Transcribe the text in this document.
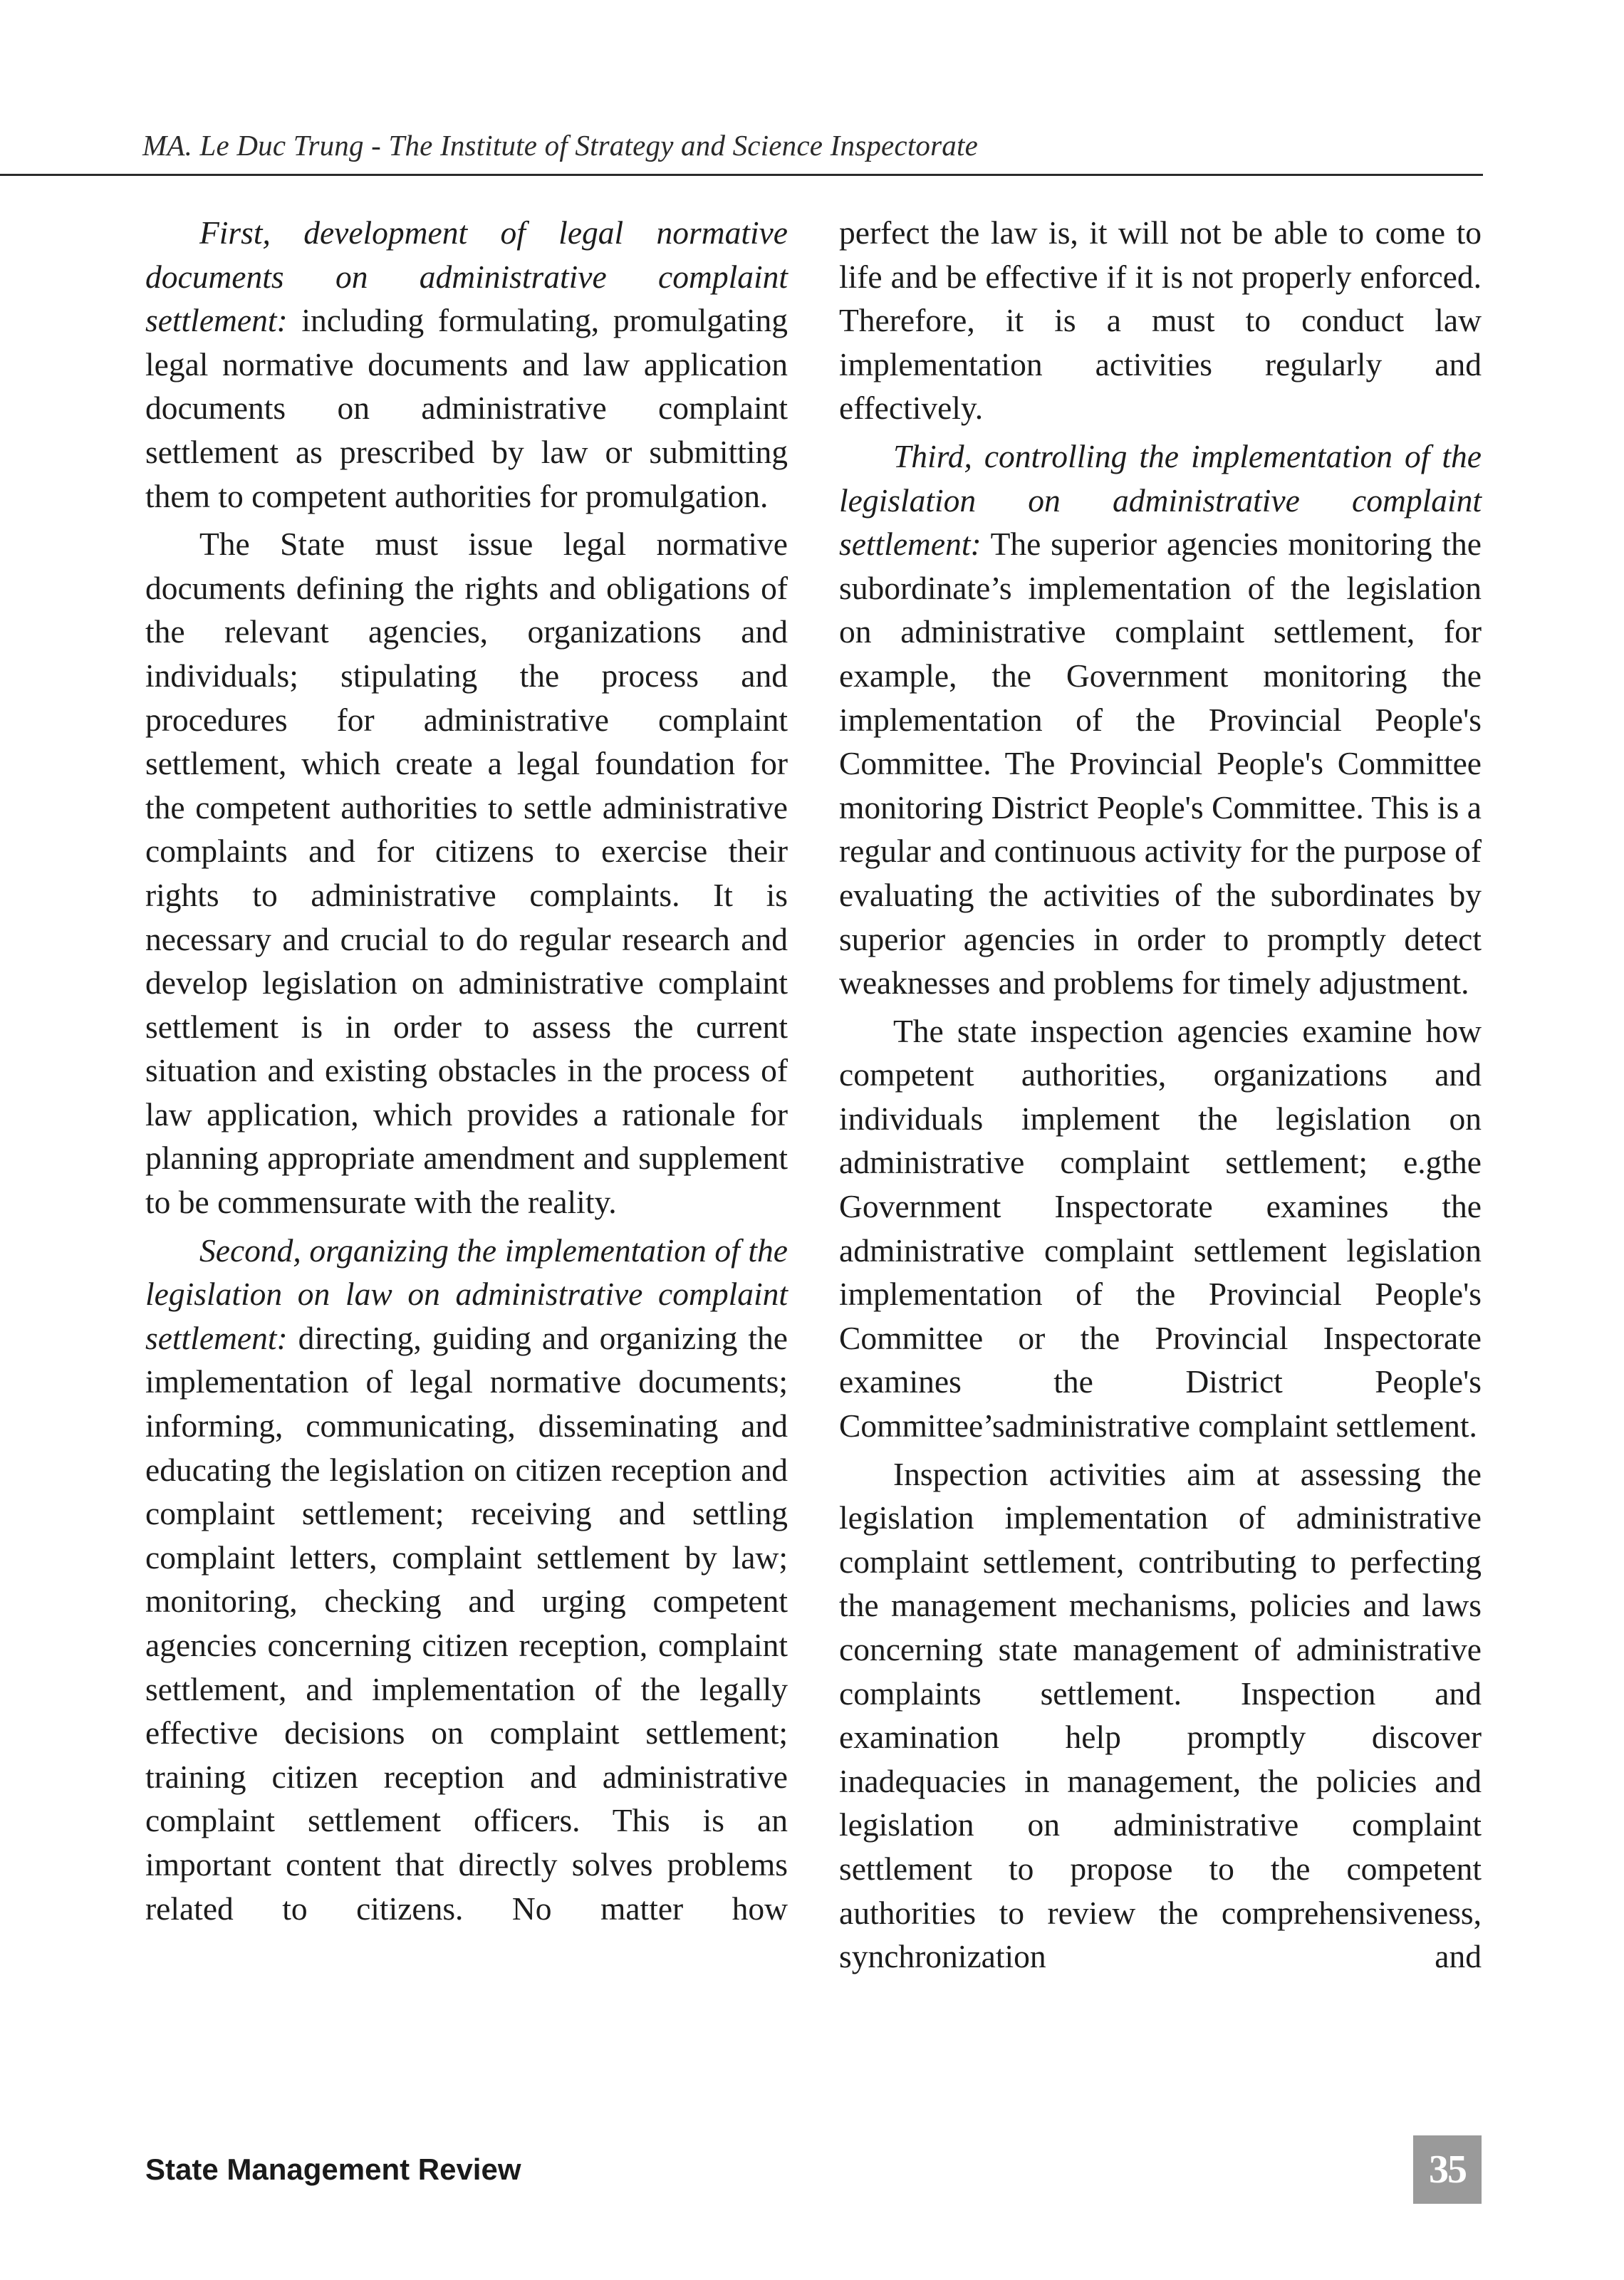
MA. Le Duc Trung - The Institute of Strategy and Science Inspectorate

First, development of legal normative documents on administrative complaint settlement: including formulating, promulgating legal normative documents and law application documents on administrative complaint settlement as prescribed by law or submitting them to competent authorities for promulgation.

The State must issue legal normative documents defining the rights and obligations of the relevant agencies, organizations and individuals; stipulating the process and procedures for administrative complaint settlement, which create a legal foundation for the competent authorities to settle administrative complaints and for citizens to exercise their rights to administrative complaints. It is necessary and crucial to do regular research and develop legislation on administrative complaint settlement is in order to assess the current situation and existing obstacles in the process of law application, which provides a rationale for planning appropriate amendment and supplement to be commensurate with the reality.

Second, organizing the implementation of the legislation on law on administrative complaint settlement: directing, guiding and organizing the implementation of legal normative documents; informing, communicating, disseminating and educating the legislation on citizen reception and complaint settlement; receiving and settling complaint letters, complaint settlement by law; monitoring, checking and urging competent agencies concerning citizen reception, complaint settlement, and implementation of the legally effective decisions on complaint settlement; training citizen reception and administrative complaint settlement officers. This is an important content that directly solves problems related to citizens. No matter how

perfect the law is, it will not be able to come to life and be effective if it is not properly enforced. Therefore, it is a must to conduct law implementation activities regularly and effectively.

Third, controlling the implementation of the legislation on administrative complaint settlement: The superior agencies monitoring the subordinate’s implementation of the legislation on administrative complaint settlement, for example, the Government monitoring the implementation of the Provincial People's Committee. The Provincial People's Committee monitoring District People's Committee. This is a regular and continuous activity for the purpose of evaluating the activities of the subordinates by superior agencies in order to promptly detect weaknesses and problems for timely adjustment.

The state inspection agencies examine how competent authorities, organizations and individuals implement the legislation on administrative complaint settlement; e.gthe Government Inspectorate examines the administrative complaint settlement legislation implementation of the Provincial People's Committee or the Provincial Inspectorate examines the District People's Committee’sadministrative complaint settlement.

Inspection activities aim at assessing the legislation implementation of administrative complaint settlement, contributing to perfecting the management mechanisms, policies and laws concerning state management of administrative complaints settlement. Inspection and examination help promptly discover inadequacies in management, the policies and legislation on administrative complaint settlement to propose to the competent authorities to review the comprehensiveness, synchronization and

State Management Review	35
